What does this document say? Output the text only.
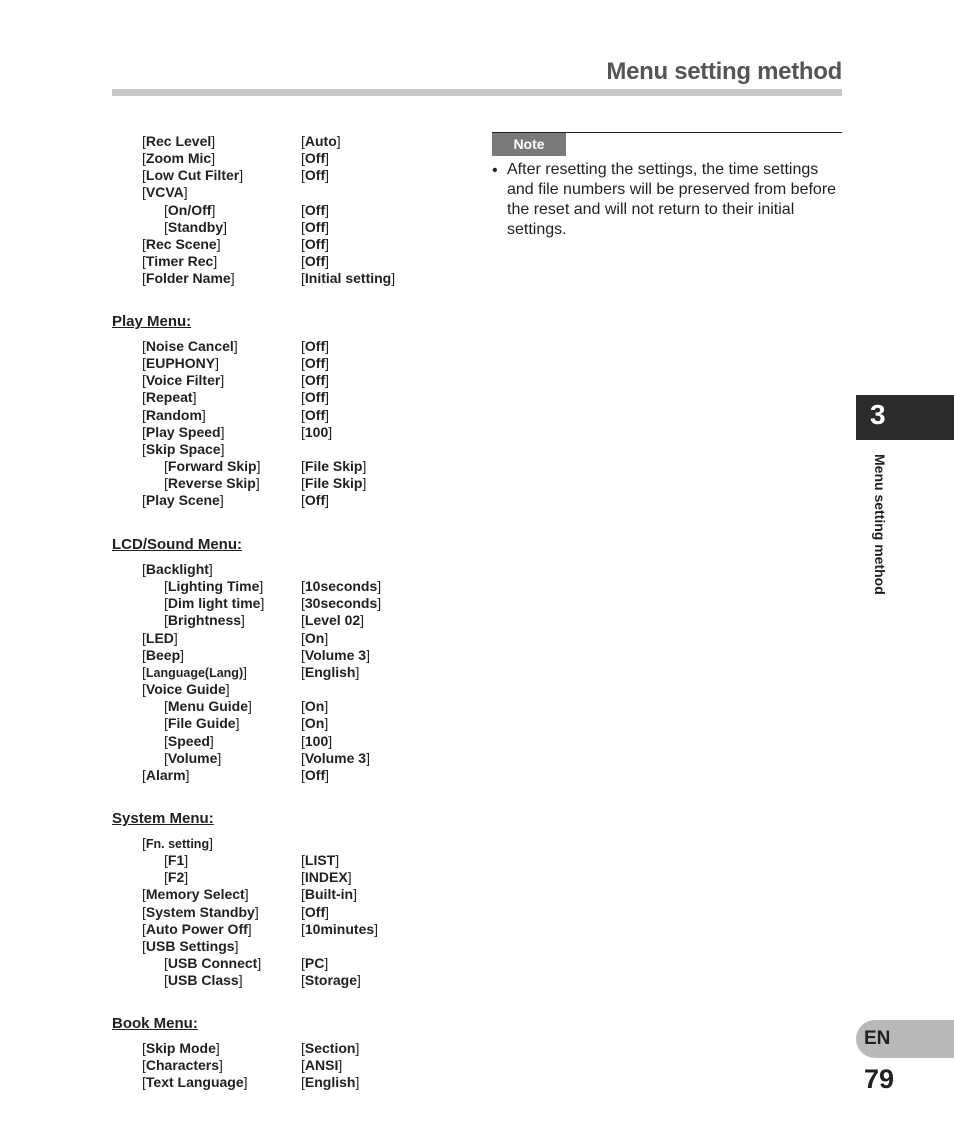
Menu setting method
[Rec Level]	[Auto]
[Zoom Mic]	[Off]
[Low Cut Filter]	[Off]
[VCVA]
[On/Off]	[Off]
[Standby]	[Off]
[Rec Scene]	[Off]
[Timer Rec]	[Off]
[Folder Name]	[Initial setting]
Play Menu:
[Noise Cancel]	[Off]
[EUPHONY]	[Off]
[Voice Filter]	[Off]
[Repeat]	[Off]
[Random]	[Off]
[Play Speed]	[100]
[Skip Space]
[Forward Skip]	[File Skip]
[Reverse Skip]	[File Skip]
[Play Scene]	[Off]
LCD/Sound Menu:
[Backlight]
[Lighting Time]	[10seconds]
[Dim light time]	[30seconds]
[Brightness]	[Level 02]
[LED]	[On]
[Beep]	[Volume 3]
[Language(Lang)]	[English]
[Voice Guide]
[Menu Guide]	[On]
[File Guide]	[On]
[Speed]	[100]
[Volume]	[Volume 3]
[Alarm]	[Off]
System Menu:
[Fn. setting]
[F1]	[LIST]
[F2]	[INDEX]
[Memory Select]	[Built-in]
[System Standby]	[Off]
[Auto Power Off]	[10minutes]
[USB Settings]
[USB Connect]	[PC]
[USB Class]	[Storage]
Book Menu:
[Skip Mode]	[Section]
[Characters]	[ANSI]
[Text Language]	[English]
Note
• After resetting the settings, the time settings and file numbers will be preserved from before the reset and will not return to their initial settings.
3
Menu setting method
EN
79
